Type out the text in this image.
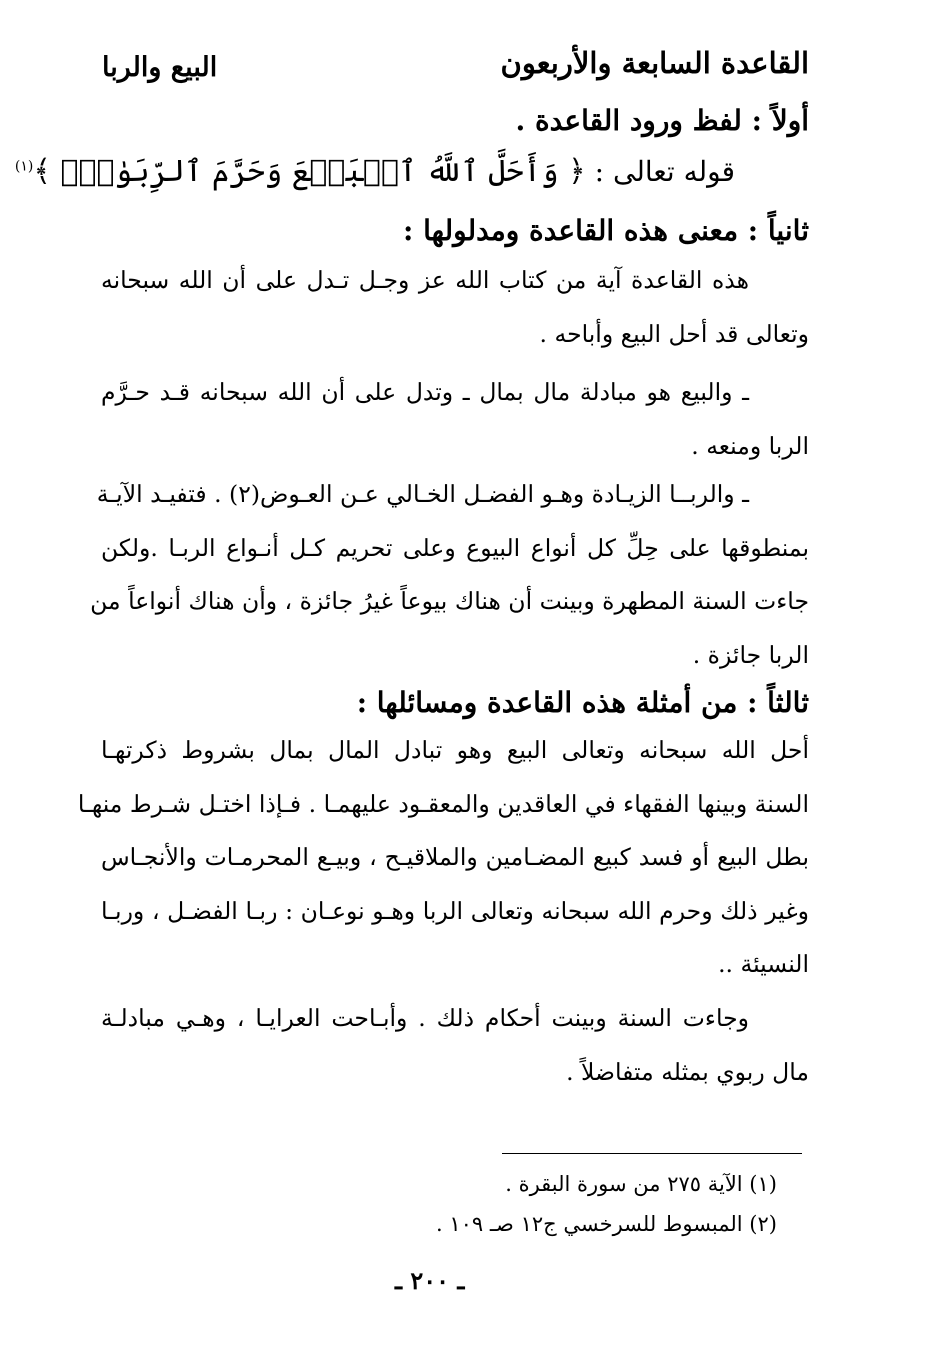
القاعدة السابعة والأربعون
البيع والربا
أولاً : لفظ ورود القاعدة .
قوله تعالى : ﴿ وَأَحَلَّ ٱللَّهُ ٱلۡبَيۡعَ وَحَرَّمَ ٱلرِّبَوٰاْۚ ﴾$^{(١)}$
ثانياً : معنى هذه القاعدة ومدلولها :
هذه القاعدة آية من كتاب الله عز وجـل تـدل على أن الله سبحانه
وتعالى قد أحل البيع وأباحه .
ـ والبيع هو مبادلة مال بمال ـ وتدل على أن الله سبحانه قـد حـرَّم
الربا ومنعه .
ـ والربــا الزيـادة وهـو الفضـل الخـالي عـن العـوض(٢) . فتفيـد الآيـة
بمنطوقها على حِلِّ كل أنواع البيوع وعلى تحريم كـل أنـواع الربـا .ولكن
جاءت السنة المطهرة وبينت أن هناك بيوعاً غيرُ جائزة ، وأن هناك أنواعاً من
الربا جائزة .
ثالثاً : من أمثلة هذه القاعدة ومسائلها :
أحل الله سبحانه وتعالى البيع وهو تبادل المال بمال بشروط ذكرتهـا
السنة وبينها الفقهاء في العاقدين والمعقـود عليهمـا . فـإذا اختـل شـرط منهـا
بطل البيع أو فسد كبيع المضـامين والملاقيـح ، وبيـع المحرمـات والأنجـاس
وغير ذلك وحرم الله سبحانه وتعالى الربا وهـو نوعـان : ربـا الفضـل ، وربـا
النسيئة ..
وجاءت السنة وبينت أحكام ذلك . وأبـاحت العرايـا ، وهـي مبادلـة
مال ربوي بمثله متفاضلاً .
(١) الآية ٢٧٥ من سورة البقرة .
(٢) المبسوط للسرخسي ج١٢ صـ ١٠٩ .
ـ ٢٠٠ ـ
